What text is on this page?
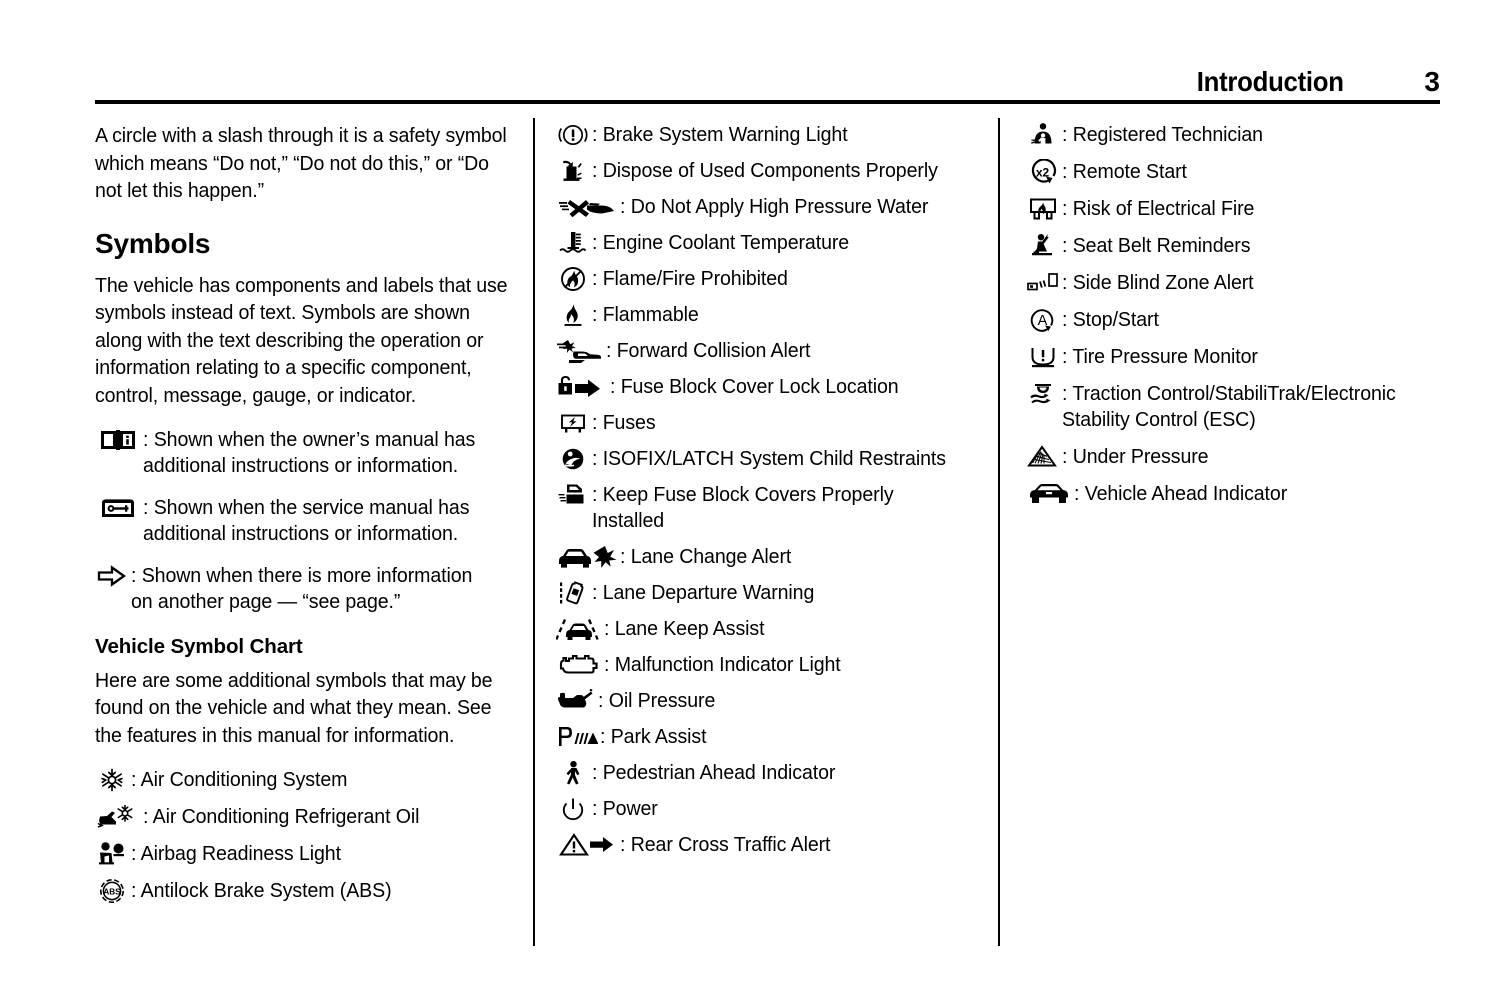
Introduction	3

A circle with a slash through it is a safety symbol which means “Do not,” “Do not do this,” or “Do not let this happen.”

Symbols

The vehicle has components and labels that use symbols instead of text. Symbols are shown along with the text describing the operation or information relating to a specific component, control, message, gauge, or indicator.

: Shown when the owner’s manual has additional instructions or information.
: Shown when the service manual has additional instructions or information.
: Shown when there is more information on another page — “see page.”
Vehicle Symbol Chart

Here are some additional symbols that may be found on the vehicle and what they mean. See the features in this manual for information.

: Air Conditioning System
: Air Conditioning Refrigerant Oil
: Airbag Readiness Light
ABS : Antilock Brake System (ABS)
: Brake System Warning Light
: Dispose of Used Components Properly
: Do Not Apply High Pressure Water
: Engine Coolant Temperature
: Flame/Fire Prohibited
: Flammable
: Forward Collision Alert
: Fuse Block Cover Lock Location
: Fuses
: ISOFIX/LATCH System Child Restraints
: Keep Fuse Block Covers Properly Installed
: Lane Change Alert
: Lane Departure Warning
: Lane Keep Assist
: Malfunction Indicator Light
: Oil Pressure
: Park Assist
: Pedestrian Ahead Indicator
: Power
: Rear Cross Traffic Alert
: Registered Technician
x2 : Remote Start
: Risk of Electrical Fire
: Seat Belt Reminders
: Side Blind Zone Alert
A : Stop/Start
: Tire Pressure Monitor
: Traction Control/StabiliTrak/Electronic Stability Control (ESC)
: Under Pressure
: Vehicle Ahead Indicator
